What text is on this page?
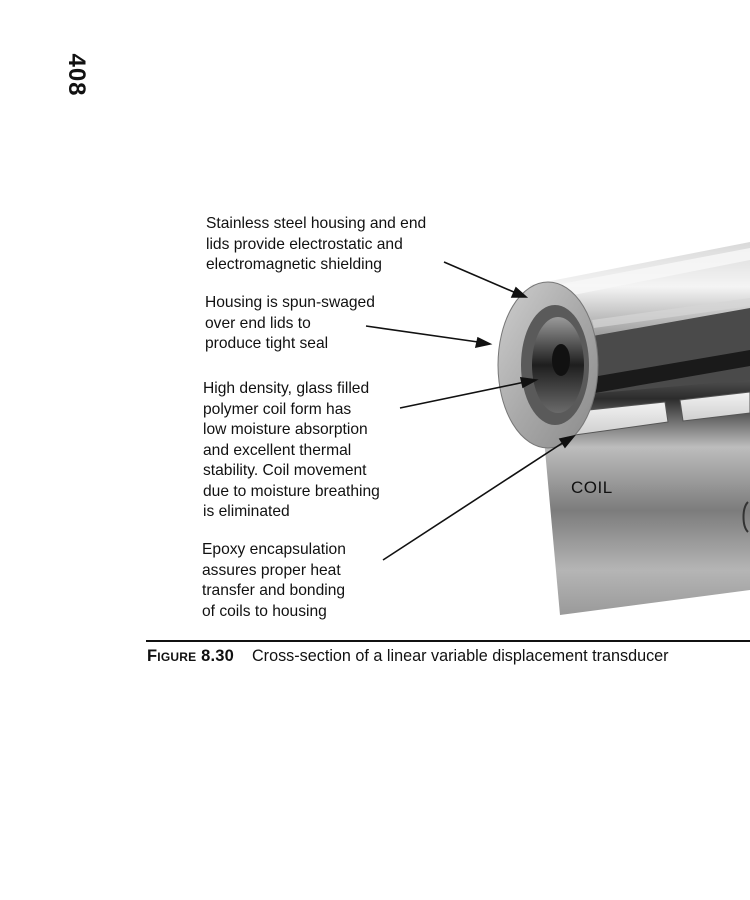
408
Stainless steel housing and end
lids provide electrostatic and
electromagnetic shielding
Housing is spun-swaged
over end lids to
produce tight seal
High density, glass filled
polymer coil form has
low moisture absorption
and excellent thermal
stability. Coil movement
due to moisture breathing
is eliminated
Epoxy encapsulation
assures proper heat
transfer and bonding
of coils to housing
COIL
Figure 8.30 Cross-section of a linear variable displacement transducer
